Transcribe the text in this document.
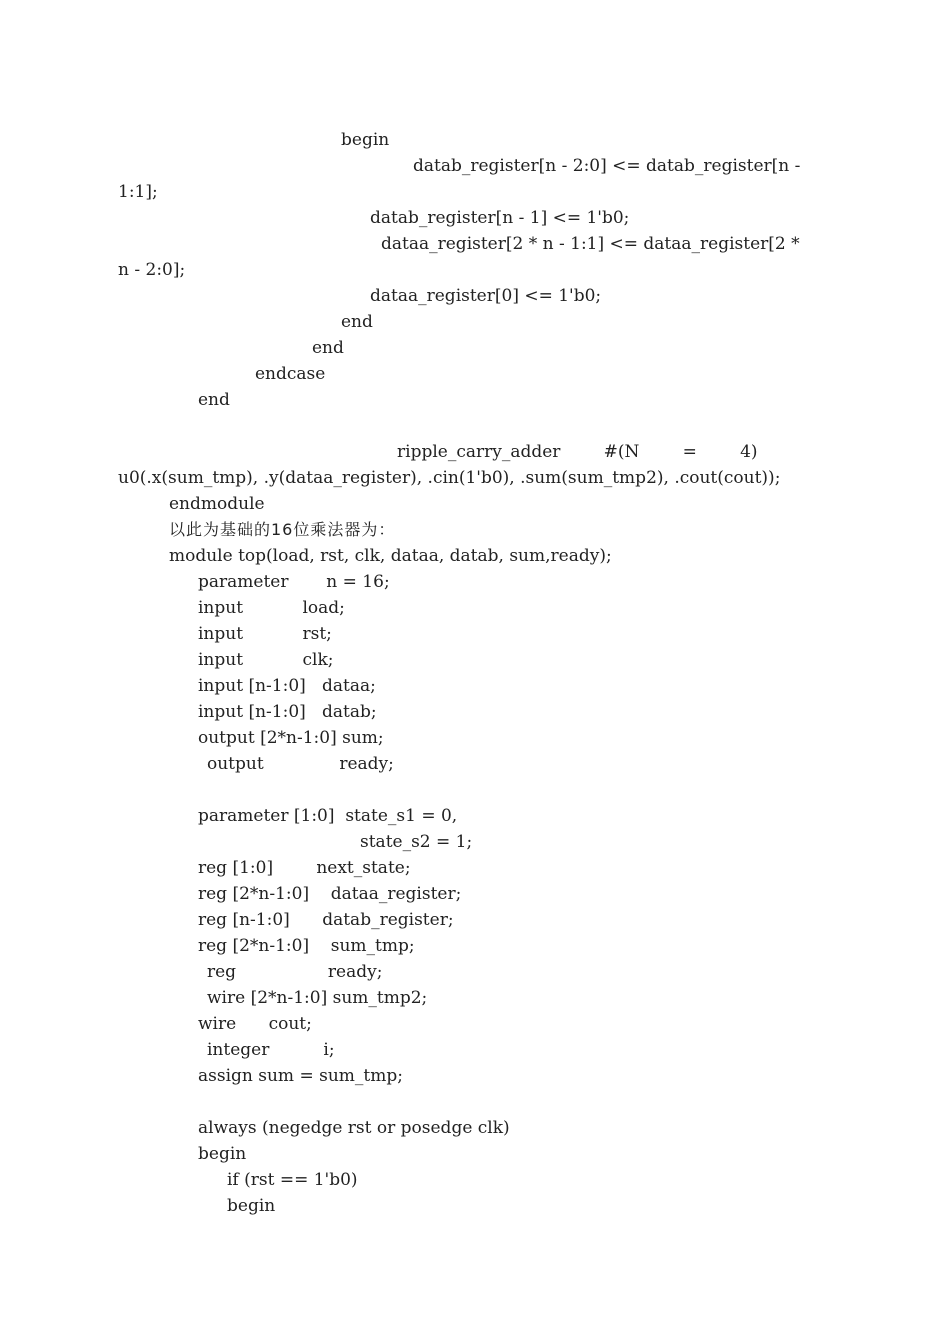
begin

datab_register[n - 2:0] <= datab_register[n -

1:1];

datab_register[n - 1] <= 1'b0;

dataa_register[2 * n - 1:1] <= dataa_register[2 *

n - 2:0];

dataa_register[0] <= 1'b0;

end

end

endcase

end

ripple_carry_adder        #(N        =        4)

u0(.x(sum_tmp), .y(dataa_register), .cin(1'b0), .sum(sum_tmp2), .cout(cout));

endmodule

以此为基础的16位乘法器为：

module top(load, rst, clk, dataa, datab, sum,ready);

parameter       n = 16;

input           load;

input           rst;

input           clk;

input [n-1:0]   dataa;

input [n-1:0]   datab;

output [2*n-1:0] sum;

output              ready;

parameter [1:0]  state_s1 = 0,

state_s2 = 1;

reg [1:0]        next_state;

reg [2*n-1:0]    dataa_register;

reg [n-1:0]      datab_register;

reg [2*n-1:0]    sum_tmp;

reg                 ready;

wire [2*n-1:0] sum_tmp2;

wire      cout;

integer          i;

assign sum = sum_tmp;

always (negedge rst or posedge clk)

begin

if (rst == 1'b0)

begin
